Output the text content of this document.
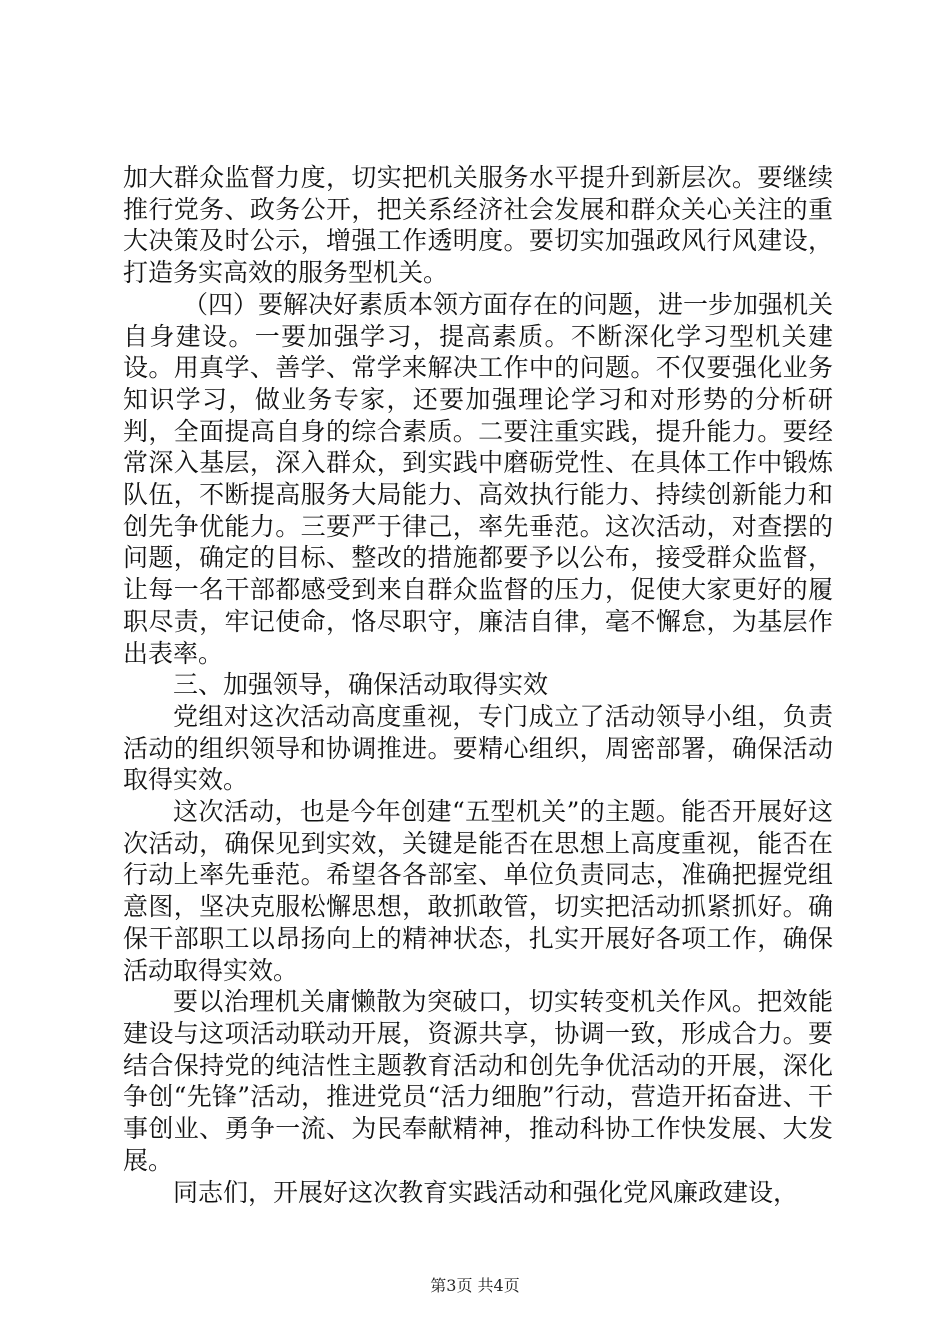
加大群众监督力度，切实把机关服务水平提升到新层次。要继续推行党务、政务公开，把关系经济社会发展和群众关心关注的重大决策及时公示，增强工作透明度。要切实加强政风行风建设，打造务实高效的服务型机关。

（四）要解决好素质本领方面存在的问题，进一步加强机关自身建设。一要加强学习，提高素质。不断深化学习型机关建设。用真学、善学、常学来解决工作中的问题。不仅要强化业务知识学习，做业务专家，还要加强理论学习和对形势的分析研判，全面提高自身的综合素质。二要注重实践，提升能力。要经常深入基层，深入群众，到实践中磨砺党性、在具体工作中锻炼队伍，不断提高服务大局能力、高效执行能力、持续创新能力和创先争优能力。三要严于律己，率先垂范。这次活动，对查摆的问题，确定的目标、整改的措施都要予以公布，接受群众监督，让每一名干部都感受到来自群众监督的压力，促使大家更好的履职尽责，牢记使命，恪尽职守，廉洁自律，毫不懈怠，为基层作出表率。

三、加强领导，确保活动取得实效

党组对这次活动高度重视，专门成立了活动领导小组，负责活动的组织领导和协调推进。要精心组织，周密部署，确保活动取得实效。

这次活动，也是今年创建“五型机关”的主题。能否开展好这次活动，确保见到实效，关键是能否在思想上高度重视，能否在行动上率先垂范。希望各各部室、单位负责同志，准确把握党组意图，坚决克服松懈思想，敢抓敢管，切实把活动抓紧抓好。确保干部职工以昂扬向上的精神状态，扎实开展好各项工作，确保活动取得实效。

要以治理机关庸懒散为突破口，切实转变机关作风。把效能建设与这项活动联动开展，资源共享，协调一致，形成合力。要结合保持党的纯洁性主题教育活动和创先争优活动的开展，深化争创“先锋”活动，推进党员“活力细胞”行动，营造开拓奋进、干事创业、勇争一流、为民奉献精神，推动科协工作快发展、大发展。

同志们，开展好这次教育实践活动和强化党风廉政建设，

第3页 共4页
